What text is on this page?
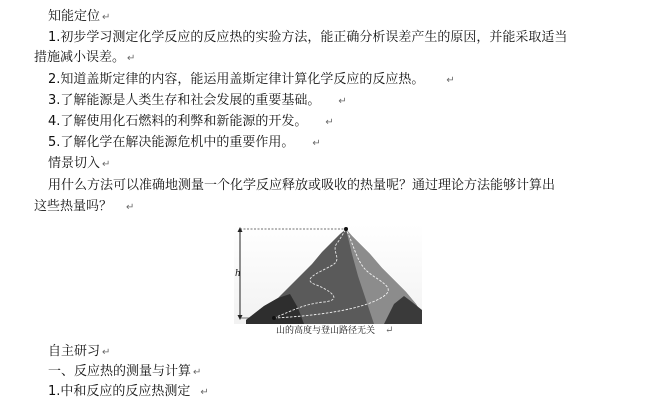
知能定位 ↵
1.初步学习测定化学反应的反应热的实验方法，能正确分析误差产生的原因，并能采取适当
措施减小误差。 ↵
2.知道盖斯定律的内容，能运用盖斯定律计算化学反应的反应热。 ↵
3.了解能源是人类生存和社会发展的重要基础。 ↵
4.了解使用化石燃料的利弊和新能源的开发。 ↵
5.了解化学在解决能源危机中的重要作用。 ↵
情景切入 ↵
用什么方法可以准确地测量一个化学反应释放或吸收的热量呢？通过理论方法能够计算出
这些热量吗？ ↵
h
山的高度与登山路径无关 ↵
自主研习 ↵
一、反应热的测量与计算 ↵
1.中和反应的反应热测定 ↵
